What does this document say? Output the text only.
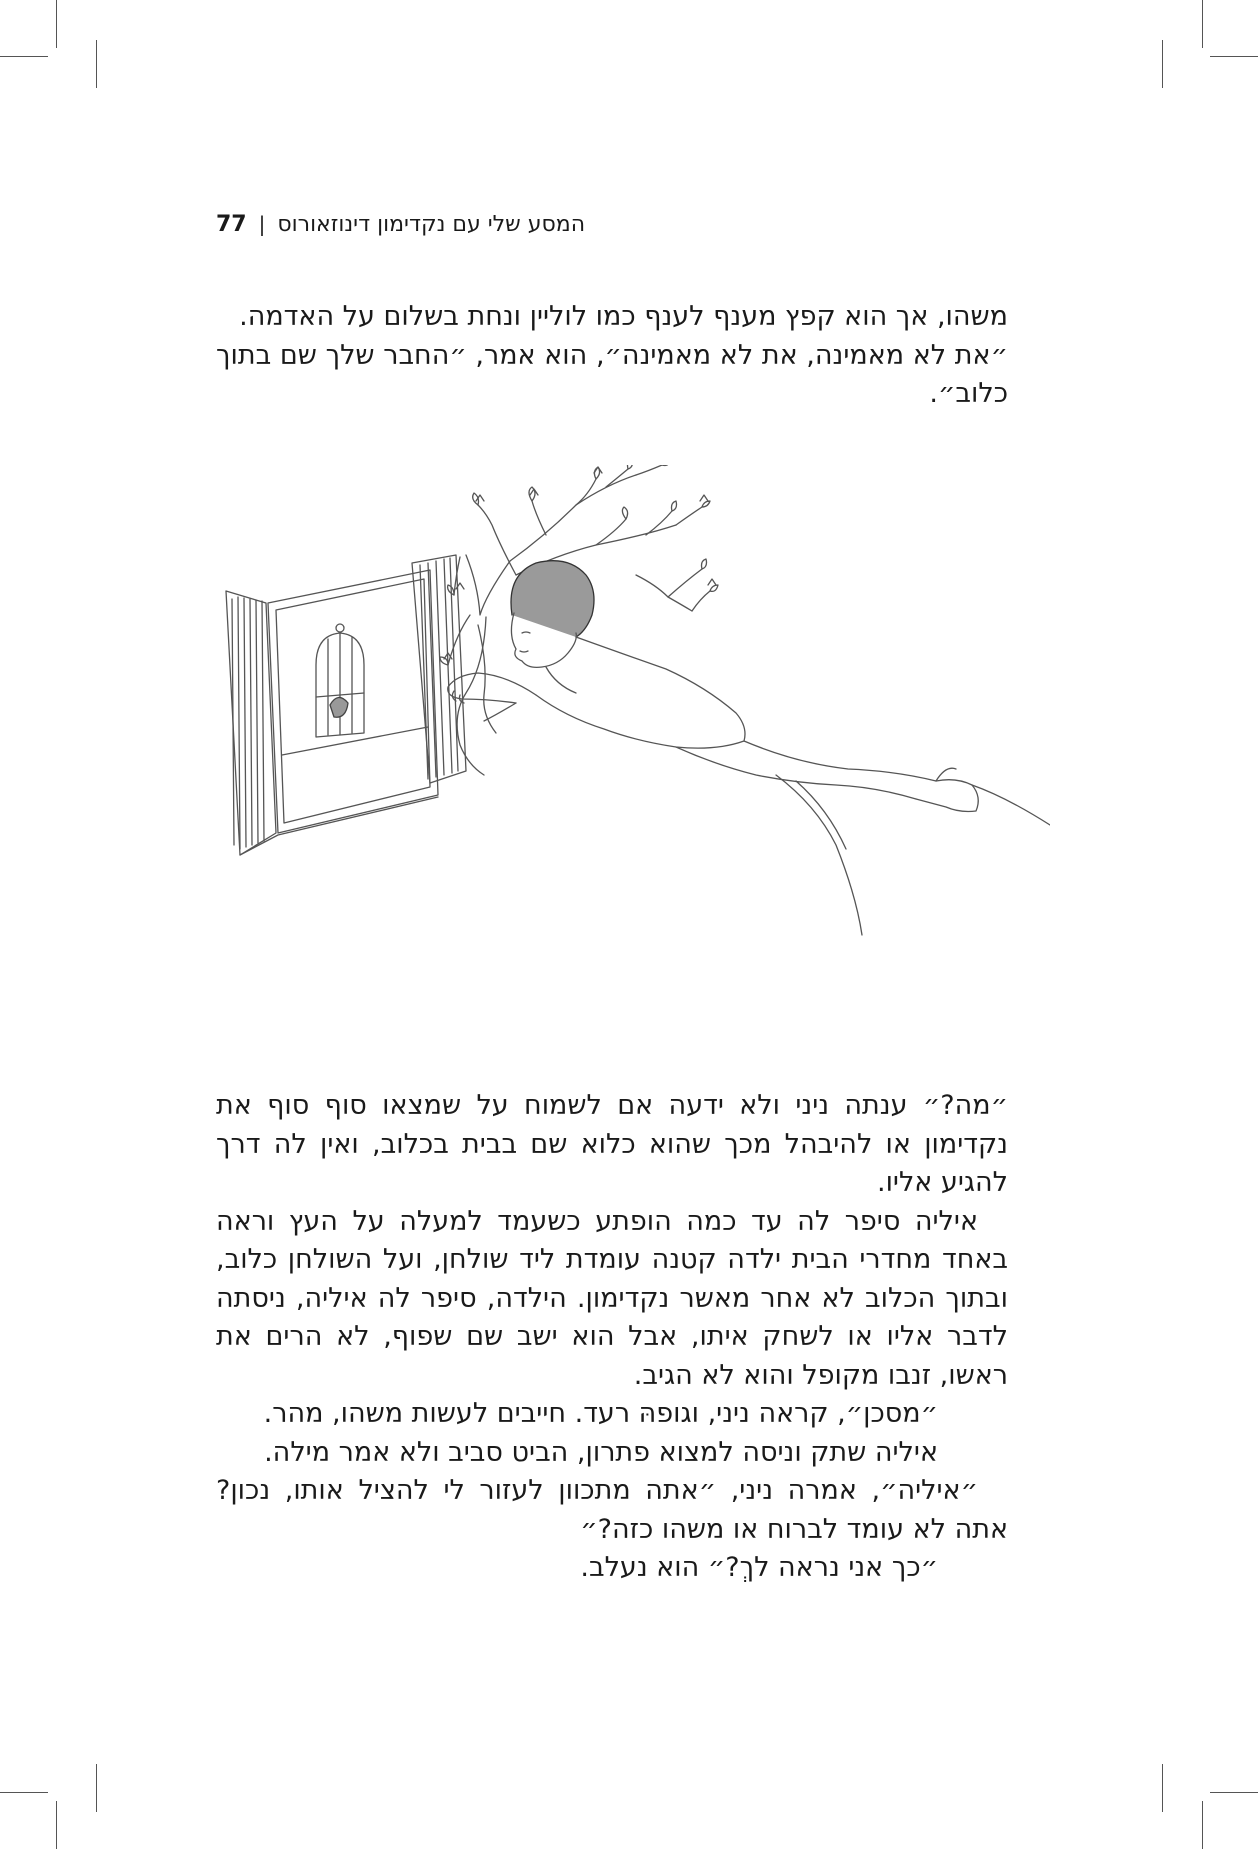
77 | המסע שלי עם נקדימון דינוזאורוס

משהו, אך הוא קפץ מענף לענף כמו לוליין ונחת בשלום על האדמה.

״את לא מאמינה, את לא מאמינה״, הוא אמר, ״החבר שלך שם בתוך כלוב״.

״מה?״ ענתה ניני ולא ידעה אם לשמוח על שמצאו סוף סוף את נקדימון או להיבהל מכך שהוא כלוא שם בבית בכלוב, ואין לה דרך להגיע אליו.

איליה סיפר לה עד כמה הופתע כשעמד למעלה על העץ וראה באחד מחדרי הבית ילדה קטנה עומדת ליד שולחן, ועל השולחן כלוב, ובתוך הכלוב לא אחר מאשר נקדימון. הילדה, סיפר לה איליה, ניסתה לדבר אליו או לשחק איתו, אבל הוא ישב שם שפוף, לא הרים את ראשו, זנבו מקופל והוא לא הגיב.

״מסכן״, קראה ניני, וגופהּ רעד. חייבים לעשות משהו, מהר.

איליה שתק וניסה למצוא פתרון, הביט סביב ולא אמר מילה.

״איליה״, אמרה ניני, ״אתה מתכוון לעזור לי להציל אותו, נכון? אתה לא עומד לברוח או משהו כזה?״

״כך אני נראה לךְ?״ הוא נעלב.
